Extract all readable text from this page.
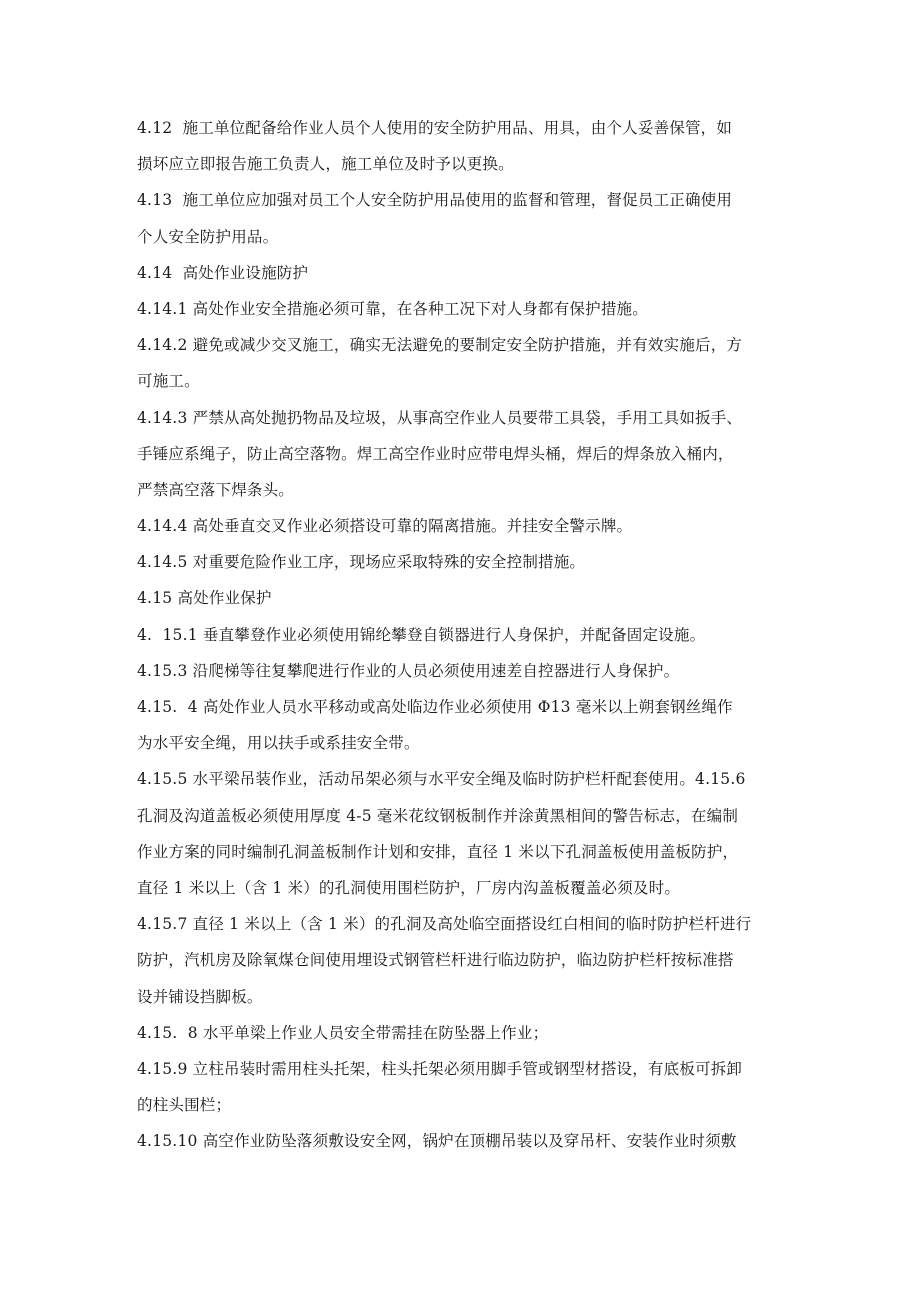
4.12  施工单位配备给作业人员个人使用的安全防护用品、用具，由个人妥善保管，如
损坏应立即报告施工负责人，施工单位及时予以更换。
4.13  施工单位应加强对员工个人安全防护用品使用的监督和管理，督促员工正确使用
个人安全防护用品。
4.14  高处作业设施防护
4.14.1 高处作业安全措施必须可靠，在各种工况下对人身都有保护措施。
4.14.2 避免或减少交叉施工，确实无法避免的要制定安全防护措施，并有效实施后，方
可施工。
4.14.3 严禁从高处抛扔物品及垃圾，从事高空作业人员要带工具袋，手用工具如扳手、
手锤应系绳子，防止高空落物。焊工高空作业时应带电焊头桶，焊后的焊条放入桶内，
严禁高空落下焊条头。
4.14.4 高处垂直交叉作业必须搭设可靠的隔离措施。并挂安全警示牌。
4.14.5 对重要危险作业工序，现场应采取特殊的安全控制措施。
4.15 高处作业保护
4.  15.1 垂直攀登作业必须使用锦纶攀登自锁器进行人身保护，并配备固定设施。
4.15.3 沿爬梯等往复攀爬进行作业的人员必须使用速差自控器进行人身保护。
4.15.  4 高处作业人员水平移动或高处临边作业必须使用 Φ13 毫米以上朔套钢丝绳作
为水平安全绳，用以扶手或系挂安全带。
4.15.5 水平梁吊装作业，活动吊架必须与水平安全绳及临时防护栏杆配套使用。4.15.6
孔洞及沟道盖板必须使用厚度 4-5 毫米花纹钢板制作并涂黄黑相间的警告标志，在编制
作业方案的同时编制孔洞盖板制作计划和安排，直径 1 米以下孔洞盖板使用盖板防护，
直径 1 米以上（含 1 米）的孔洞使用围栏防护，厂房内沟盖板覆盖必须及时。
4.15.7 直径 1 米以上（含 1 米）的孔洞及高处临空面搭设红白相间的临时防护栏杆进行
防护，汽机房及除氧煤仓间使用埋设式钢管栏杆进行临边防护，临边防护栏杆按标准搭
设并铺设挡脚板。
4.15.  8 水平单梁上作业人员安全带需挂在防坠器上作业；
4.15.9 立柱吊装时需用柱头托架，柱头托架必须用脚手管或钢型材搭设，有底板可拆卸
的柱头围栏；
4.15.10 高空作业防坠落须敷设安全网，锅炉在顶棚吊装以及穿吊杆、安装作业时须敷
